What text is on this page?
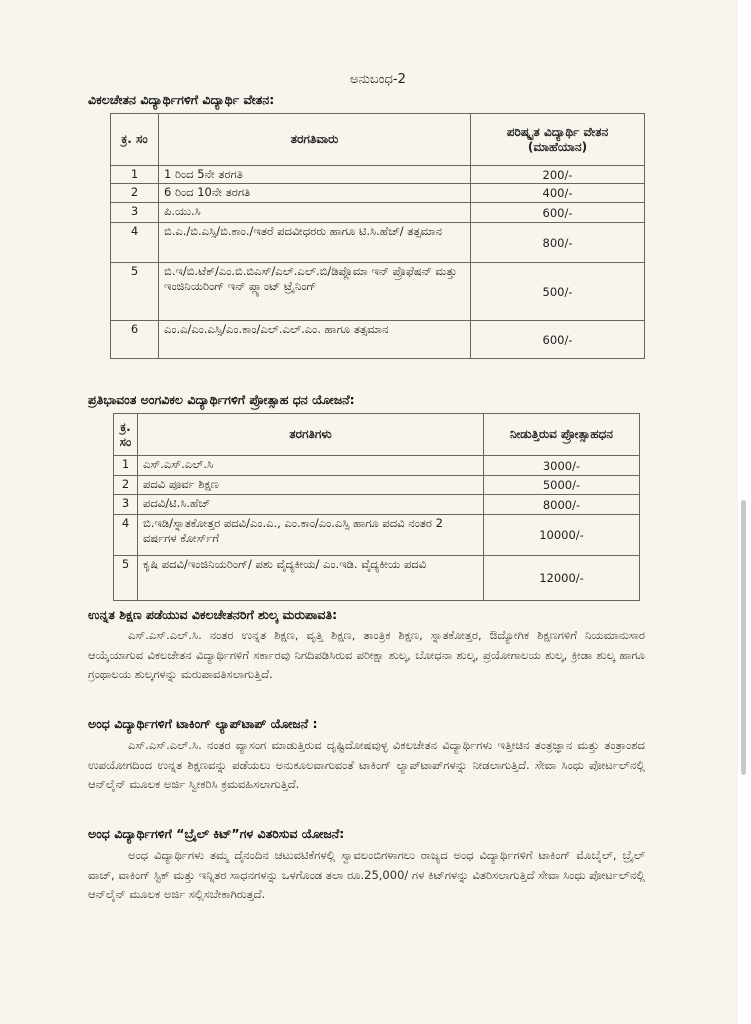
ಅನುಬಂಧ-2
ವಿಕಲಚೇತನ ವಿದ್ಯಾರ್ಥಿಗಳಿಗೆ ವಿದ್ಯಾರ್ಥಿ ವೇತನ:
ಕ್ರ. ಸಂ	ತರಗತಿವಾರು	ಪರಿಷ್ಕೃತ ವಿದ್ಯಾರ್ಥಿ ವೇತನ (ಮಾಹೆಯಾನ)
1	1 ರಿಂದ 5ನೇ ತರಗತಿ	200/-
2	6 ರಿಂದ 10ನೇ ತರಗತಿ	400/-
3	ಪಿ.ಯು.ಸಿ	600/-
4	ಬಿ.ಎ./ಬಿ.ಎಸ್ಸಿ/ಬಿ.ಕಾಂ./ಇತರೆ ಪದವೀಧರರು ಹಾಗೂ ಟಿ.ಸಿ.ಹೆಚ್/ ತತ್ಸಮಾನ	800/-
5	ಬಿ.ಇ/ಬಿ.ಟೆಕ್/ಎಂ.ಬಿ.ಬಿಎಸ್/ಎಲ್.ಎಲ್.ಬಿ/ಡಿಪ್ಲೊಮಾ ಇನ್ ಪ್ರೊಫೆಷನ್ ಮತ್ತು ಇಂಜಿನಿಯರಿಂಗ್ ಇನ್ ಪ್ಲ್ಯಾಂಟ್ ಟ್ರೈನಿಂಗ್	500/-
6	ಎಂ.ಎ/ಎಂ.ಎಸ್ಸಿ/ಎಂ.ಕಾಂ/ಎಲ್.ಎಲ್.ಎಂ. ಹಾಗೂ ತತ್ಸಮಾನ	600/-
ಪ್ರತಿಭಾವಂತ ಅಂಗವಿಕಲ ವಿದ್ಯಾರ್ಥಿಗಳಿಗೆ ಪ್ರೋತ್ಸಾಹ ಧನ ಯೋಜನೆ:
ಕ್ರ. ಸಂ	ತರಗತಿಗಳು	ನೀಡುತ್ತಿರುವ ಪ್ರೋತ್ಸಾಹಧನ
1	ಎಸ್.ಎಸ್.ಎಲ್.ಸಿ	3000/-
2	ಪದವಿ ಪೂರ್ವ ಶಿಕ್ಷಣ	5000/-
3	ಪದವಿ/ಟಿ.ಸಿ.ಹೆಚ್	8000/-
4	ಬಿ.ಇಡಿ/ಸ್ನಾತಕೋತ್ತರ ಪದವಿ/ಎಂ.ಎ., ಎಂ.ಕಾಂ/ಎಂ.ಎಸ್ಸಿ ಹಾಗೂ ಪದವಿ ನಂತರ 2 ವರ್ಷಗಳ ಕೋರ್ಸ್‌ಗೆ	10000/-
5	ಕೃಷಿ ಪದವಿ/ಇಂಜಿನಿಯರಿಂಗ್/ ಪಶು ವೈದ್ಯಕೀಯ/ ಎಂ.ಇಡಿ. ವೈದ್ಯಕೀಯ ಪದವಿ	12000/-
ಉನ್ನತ ಶಿಕ್ಷಣ ಪಡೆಯುವ ವಿಕಲಚೇತನರಿಗೆ ಶುಲ್ಕ ಮರುಪಾವತಿ:
ಎಸ್.ಎಸ್.ಎಲ್.ಸಿ. ನಂತರ ಉನ್ನತ ಶಿಕ್ಷಣ, ವೃತ್ತಿ ಶಿಕ್ಷಣ, ತಾಂತ್ರಿಕ ಶಿಕ್ಷಣ, ಸ್ನಾತಕೋತ್ತರ, ಔದ್ಯೋಗಿಕ ಶಿಕ್ಷಣಗಳಿಗೆ ನಿಯಮಾನುಸಾರ ಆಯ್ಕೆಯಾಗುವ ವಿಕಲಚೇತನ ವಿದ್ಯಾರ್ಥಿಗಳಿಗೆ ಸರ್ಕಾರವು ನಿಗದಿಪಡಿಸಿರುವ ಪರೀಕ್ಷಾ ಶುಲ್ಕ, ಬೋಧನಾ ಶುಲ್ಕ, ಪ್ರಯೋಗಾಲಯ ಶುಲ್ಕ, ಕ್ರೀಡಾ ಶುಲ್ಕ ಹಾಗೂ ಗ್ರಂಥಾಲಯ ಶುಲ್ಕಗಳನ್ನು ಮರುಪಾವತಿಸಲಾಗುತ್ತಿದೆ.
ಅಂಧ ವಿದ್ಯಾರ್ಥಿಗಳಿಗೆ ಟಾಕಿಂಗ್ ಲ್ಯಾಪ್‌ಟಾಪ್ ಯೋಜನೆ :
ಎಸ್.ಎಸ್.ಎಲ್.ಸಿ. ನಂತರ ವ್ಯಾಸಂಗ ಮಾಡುತ್ತಿರುವ ದೃಷ್ಟಿದೋಷವುಳ್ಳ ವಿಕಲಚೇತನ ವಿದ್ಯಾರ್ಥಿಗಳು ಇತ್ತೀಚಿನ ತಂತ್ರಜ್ಞಾನ ಮತ್ತು ತಂತ್ರಾಂಶದ ಉಪಯೋಗದಿಂದ ಉನ್ನತ ಶಿಕ್ಷಣವನ್ನು ಪಡೆಯಲು ಅನುಕೂಲವಾಗುವಂತೆ ಟಾಕಿಂಗ್ ಲ್ಯಾಪ್‌ಟಾಪ್‌ಗಳನ್ನು ನೀಡಲಾಗುತ್ತಿದೆ. ಸೇವಾ ಸಿಂಧು ಪೋರ್ಟಲ್‌ನಲ್ಲಿ ಆನ್‌ಲೈನ್ ಮೂಲಕ ಅರ್ಜಿ ಸ್ವೀಕರಿಸಿ ಕ್ರಮವಹಿಸಲಾಗುತ್ತಿದೆ.
ಅಂಧ ವಿದ್ಯಾರ್ಥಿಗಳಿಗೆ “ಬ್ರೈಲ್ ಕಿಟ್”ಗಳ ವಿತರಿಸುವ ಯೋಜನೆ:
ಅಂಧ ವಿದ್ಯಾರ್ಥಿಗಳು ತಮ್ಮ ದೈನಂದಿನ ಚಟುವಟಿಕೆಗಳಲ್ಲಿ ಸ್ವಾವಲಂಬಿಗಳಾಗಲು ರಾಜ್ಯದ ಅಂಧ ವಿದ್ಯಾರ್ಥಿಗಳಿಗೆ ಟಾಕಿಂಗ್ ಮೊಬೈಲ್, ಬ್ರೈಲ್ ವಾಚ್, ವಾಕಿಂಗ್ ಸ್ಟಿಕ್ ಮತ್ತು ಇನ್ನಿತರ ಸಾಧನಗಳನ್ನು ಒಳಗೊಂಡ ತಲಾ ರೂ.25,000/ ಗಳ ಕಿಟ್‌ಗಳನ್ನು ವಿತರಿಸಲಾಗುತ್ತಿದೆ ಸೇವಾ ಸಿಂಧು ಪೋರ್ಟಲ್‌ನಲ್ಲಿ ಆನ್‌ಲೈನ್ ಮೂಲಕ ಅರ್ಜಿ ಸಲ್ಲಿಸಬೇಕಾಗಿರುತ್ತದೆ.
